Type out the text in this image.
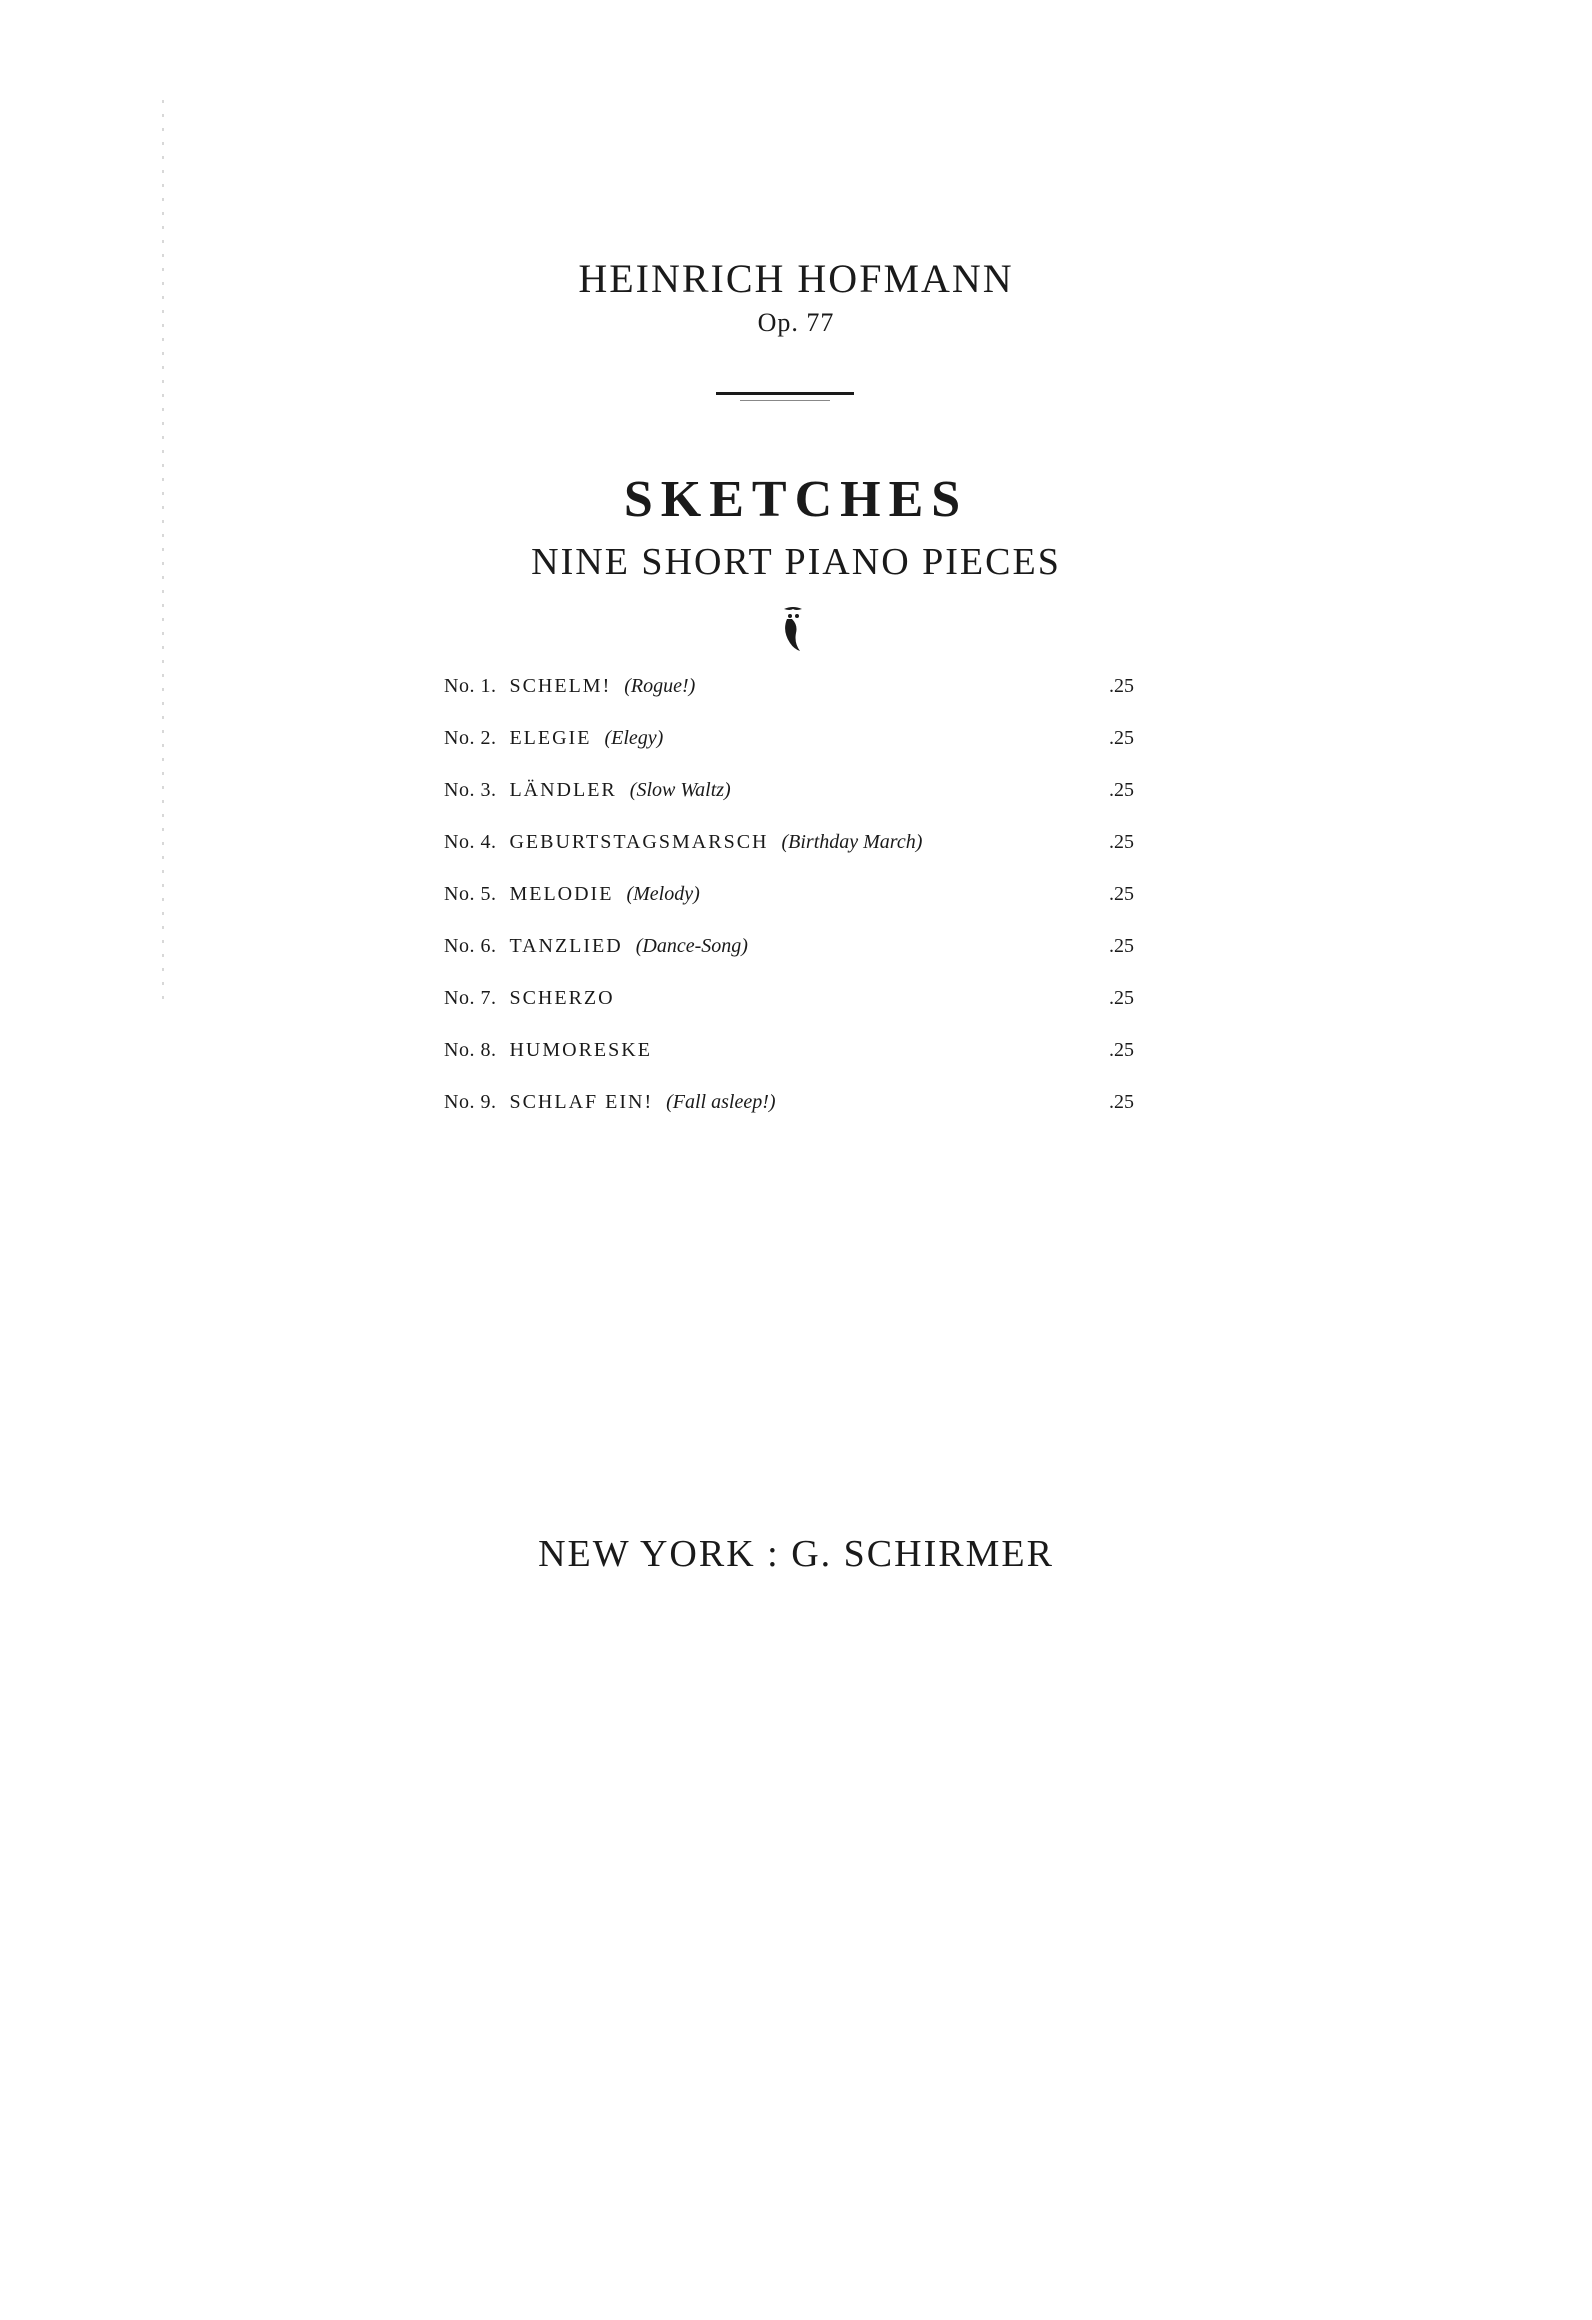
HEINRICH HOFMANN
Op. 77
SKETCHES
NINE SHORT PIANO PIECES
No. 1. SCHELM! (Rogue!)	.25
No. 2. ELEGIE (Elegy)	.25
No. 3. LÄNDLER (Slow Waltz)	.25
No. 4. GEBURTSTAGSMARSCH (Birthday March)	.25
No. 5. MELODIE (Melody)	.25
No. 6. TANZLIED (Dance-Song)	.25
No. 7. SCHERZO	.25
No. 8. HUMORESKE	.25
No. 9. SCHLAF EIN! (Fall asleep!)	.25
NEW YORK : G. SCHIRMER
